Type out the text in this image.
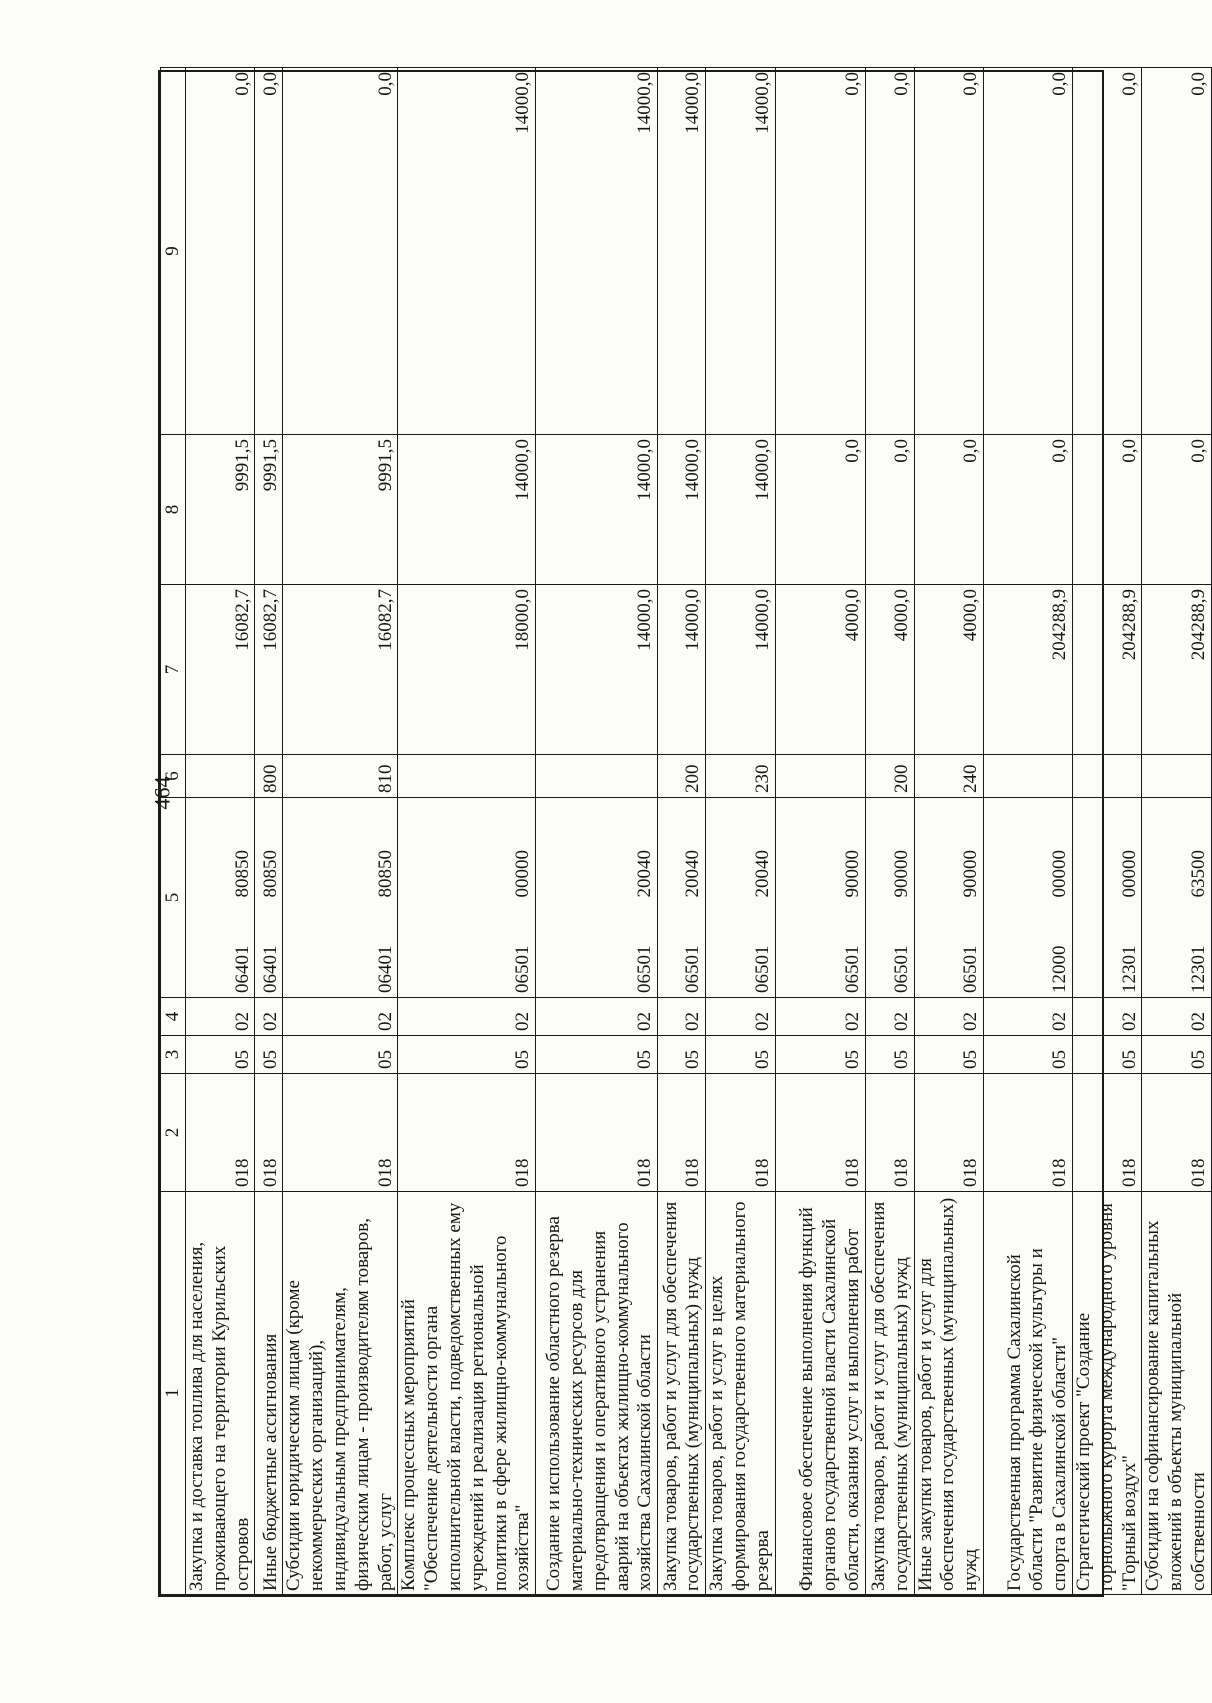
464
1	2	3	4	5	6	7	8	9
Закупка и доставка топлива для населения, проживающего на территории Курильских островов	018	05	02	0640180850		16082,7	9991,5	0,0
Иные бюджетные ассигнования	018	05	02	0640180850	800	16082,7	9991,5	0,0
Субсидии юридическим лицам (кроме некоммерческих организаций), индивидуальным предпринимателям, физическим лицам - производителям товаров, работ, услуг	018	05	02	0640180850	810	16082,7	9991,5	0,0
Комплекс процессных мероприятий "Обеспечение деятельности органа исполнительной власти, подведомственных ему учреждений и реализация региональной политики в сфере жилищно-коммунального хозяйства"	018	05	02	0650100000		18000,0	14000,0	14000,0
Создание и использование областного резерва материально-технических ресурсов для предотвращения и оперативного устранения аварий на объектах жилищно-коммунального хозяйства Сахалинской области	018	05	02	0650120040		14000,0	14000,0	14000,0
Закупка товаров, работ и услуг для обеспечения государственных (муниципальных) нужд	018	05	02	0650120040	200	14000,0	14000,0	14000,0
Закупка товаров, работ и услуг в целях формирования государственного материального резерва	018	05	02	0650120040	230	14000,0	14000,0	14000,0
Финансовое обеспечение выполнения функций органов государственной власти Сахалинской области, оказания услуг и выполнения работ	018	05	02	0650190000		4000,0	0,0	0,0
Закупка товаров, работ и услуг для обеспечения государственных (муниципальных) нужд	018	05	02	0650190000	200	4000,0	0,0	0,0
Иные закупки товаров, работ и услуг для обеспечения государственных (муниципальных) нужд	018	05	02	0650190000	240	4000,0	0,0	0,0
Государственная программа Сахалинской области "Развитие физической культуры и спорта в Сахалинской области"	018	05	02	1200000000		204288,9	0,0	0,0
Стратегический проект "Создание горнолыжного курорта международного уровня "Горный воздух"	018	05	02	1230100000		204288,9	0,0	0,0
Субсидии на софинансирование капитальных вложений в объекты муниципальной собственности	018	05	02	1230163500		204288,9	0,0	0,0
